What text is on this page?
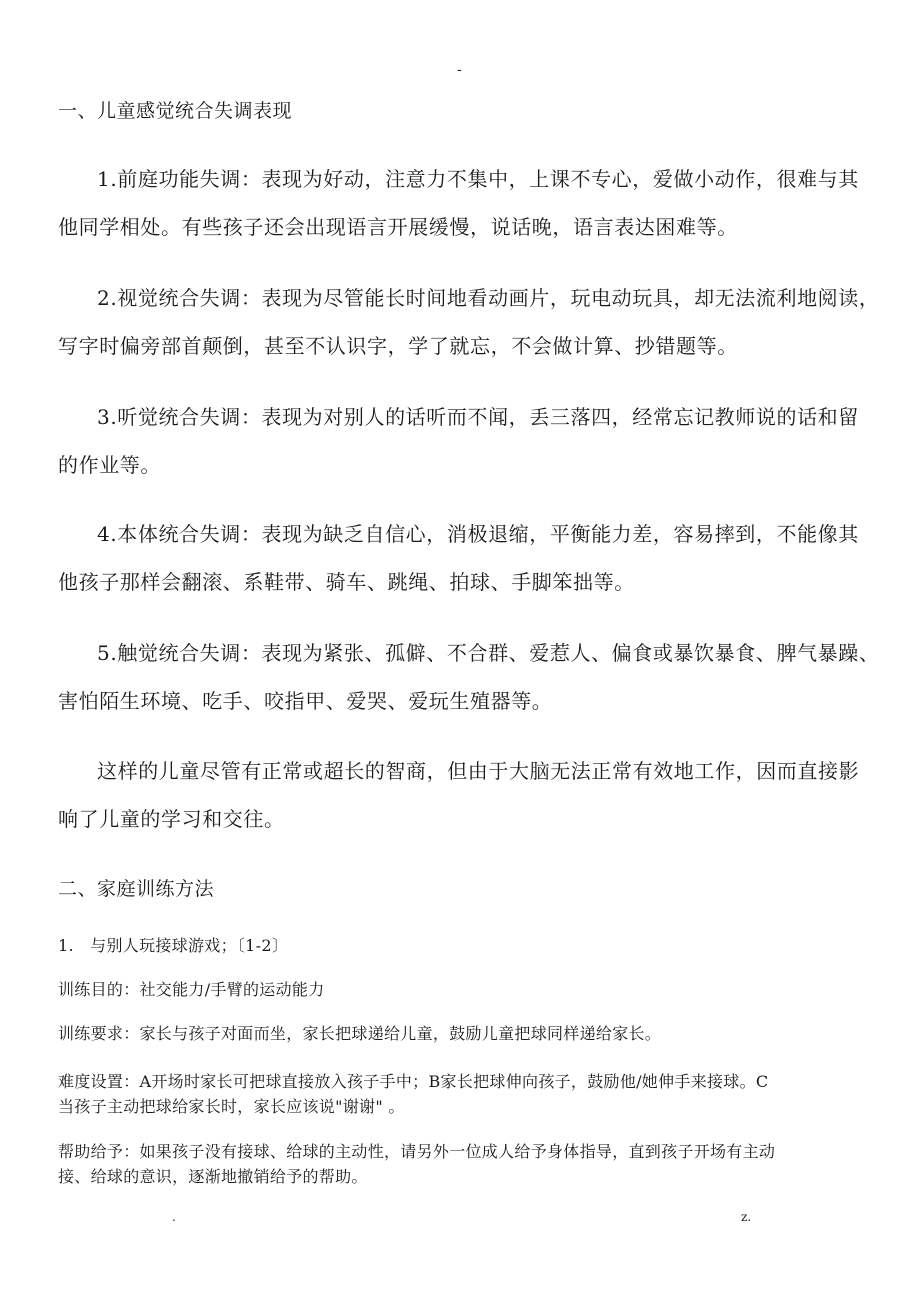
-
一、儿童感觉统合失调表现
1.前庭功能失调：表现为好动，注意力不集中，上课不专心，爱做小动作，很难与其
他同学相处。有些孩子还会出现语言开展缓慢，说话晚，语言表达困难等。
2.视觉统合失调：表现为尽管能长时间地看动画片，玩电动玩具，却无法流利地阅读，
写字时偏旁部首颠倒，甚至不认识字，学了就忘，不会做计算、抄错题等。
3.听觉统合失调：表现为对别人的话听而不闻，丢三落四，经常忘记教师说的话和留
的作业等。
4.本体统合失调：表现为缺乏自信心，消极退缩，平衡能力差，容易摔到，不能像其
他孩子那样会翻滚、系鞋带、骑车、跳绳、拍球、手脚笨拙等。
5.触觉统合失调：表现为紧张、孤僻、不合群、爱惹人、偏食或暴饮暴食、脾气暴躁、
害怕陌生环境、吃手、咬指甲、爱哭、爱玩生殖器等。
这样的儿童尽管有正常或超长的智商，但由于大脑无法正常有效地工作，因而直接影
响了儿童的学习和交往。
二、家庭训练方法
1.　与别人玩接球游戏；〔1-2〕
训练目的：社交能力/手臂的运动能力
训练要求：家长与孩子对面而坐，家长把球递给儿童，鼓励儿童把球同样递给家长。
难度设置：A开场时家长可把球直接放入孩子手中；B家长把球伸向孩子，鼓励他/她伸手来接球。C
当孩子主动把球给家长时，家长应该说"谢谢" 。
帮助给予：如果孩子没有接球、给球的主动性，请另外一位成人给予身体指导，直到孩子开场有主动
接、给球的意识，逐渐地撤销给予的帮助。
.	z.
